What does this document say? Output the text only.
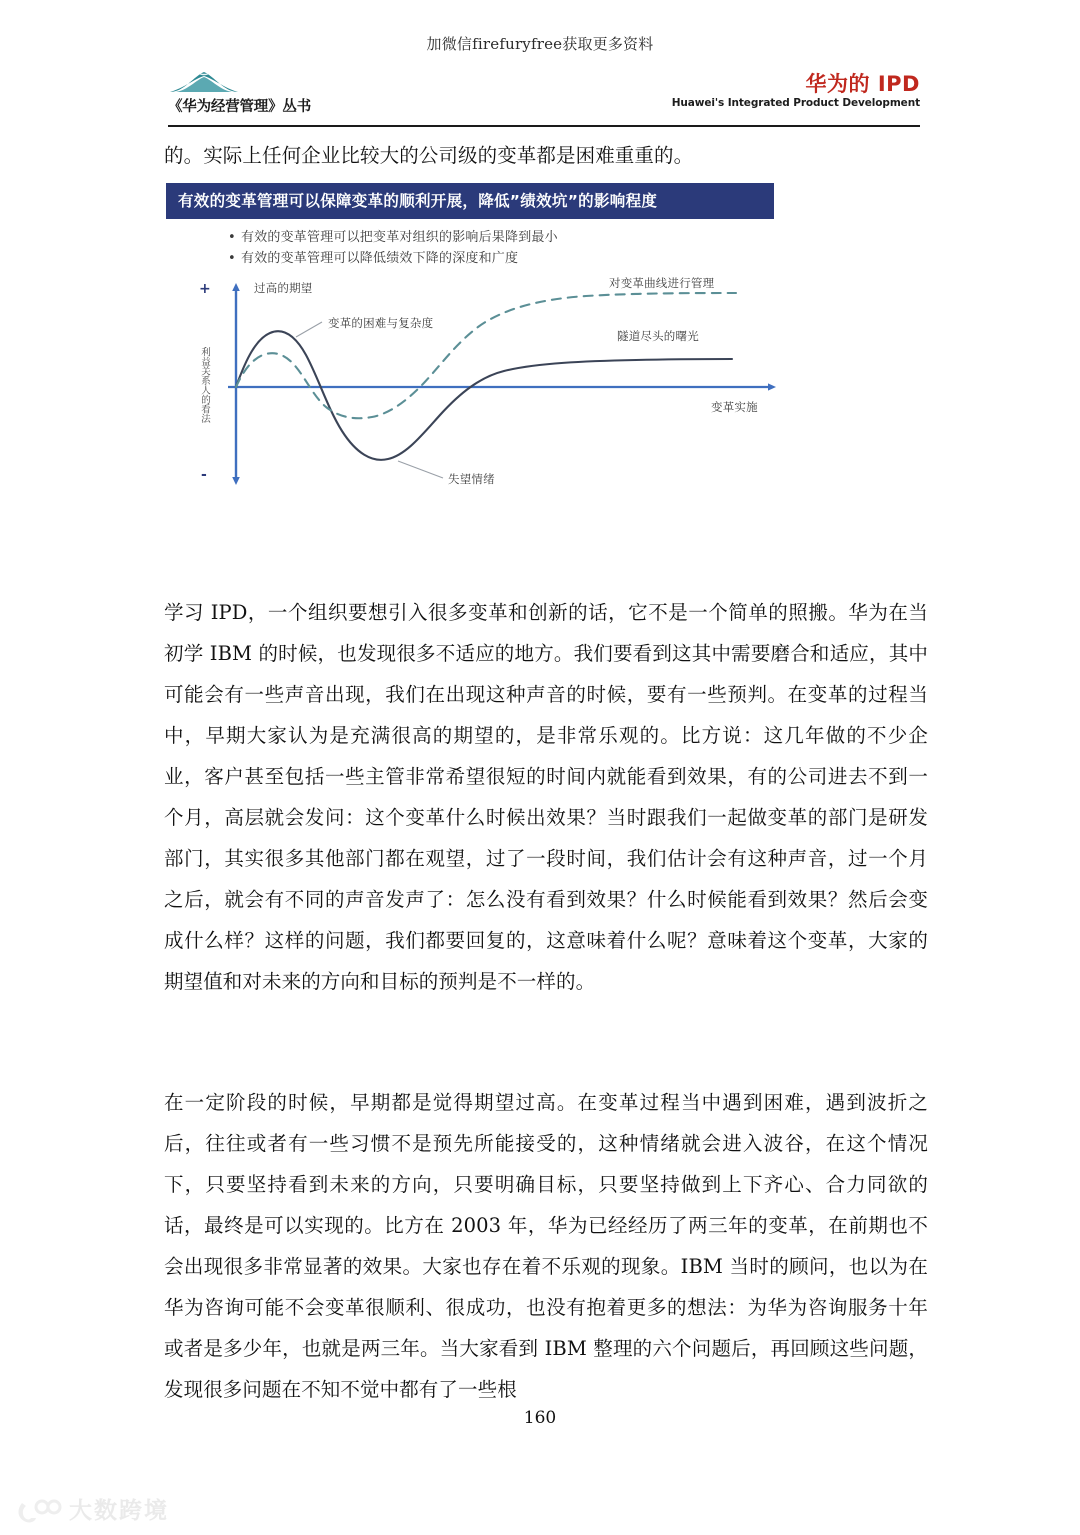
加微信firefuryfree获取更多资料
《华为经营管理》丛书
华为的 IPD
Huawei's Integrated Product Development
的。实际上任何企业比较大的公司级的变革都是困难重重的。
有效的变革管理可以保障变革的顺利开展，降低”绩效坑”的影响程度
• 有效的变革管理可以把变革对组织的影响后果降到最小
• 有效的变革管理可以降低绩效下降的深度和广度
+
-
利益关系人的看法	变革实施
过高的期望
变革的困难与复杂度
失望情绪
对变革曲线进行管理
隧道尽头的曙光

学习 IPD，一个组织要想引入很多变革和创新的话，它不是一个简单的照搬。华为在当初学 IBM 的时候，也发现很多不适应的地方。我们要看到这其中需要磨合和适应，其中可能会有一些声音出现，我们在出现这种声音的时候，要有一些预判。在变革的过程当中，早期大家认为是充满很高的期望的，是非常乐观的。比方说：这几年做的不少企业，客户甚至包括一些主管非常希望很短的时间内就能看到效果，有的公司进去不到一个月，高层就会发问：这个变革什么时候出效果？当时跟我们一起做变革的部门是研发部门，其实很多其他部门都在观望，过了一段时间，我们估计会有这种声音，过一个月之后，就会有不同的声音发声了：怎么没有看到效果？什么时候能看到效果？然后会变成什么样？这样的问题，我们都要回复的，这意味着什么呢？意味着这个变革，大家的期望值和对未来的方向和目标的预判是不一样的。

在一定阶段的时候，早期都是觉得期望过高。在变革过程当中遇到困难，遇到波折之后，往往或者有一些习惯不是预先所能接受的，这种情绪就会进入波谷，在这个情况下，只要坚持看到未来的方向，只要明确目标，只要坚持做到上下齐心、合力同欲的话，最终是可以实现的。比方在 2003 年，华为已经经历了两三年的变革，在前期也不会出现很多非常显著的效果。大家也存在着不乐观的现象。IBM 当时的顾问，也以为在华为咨询可能不会变革很顺利、很成功，也没有抱着更多的想法：为华为咨询服务十年或者是多少年，也就是两三年。当大家看到 IBM 整理的六个问题后，再回顾这些问题，发现很多问题在不知不觉中都有了一些根

160
大数跨境
